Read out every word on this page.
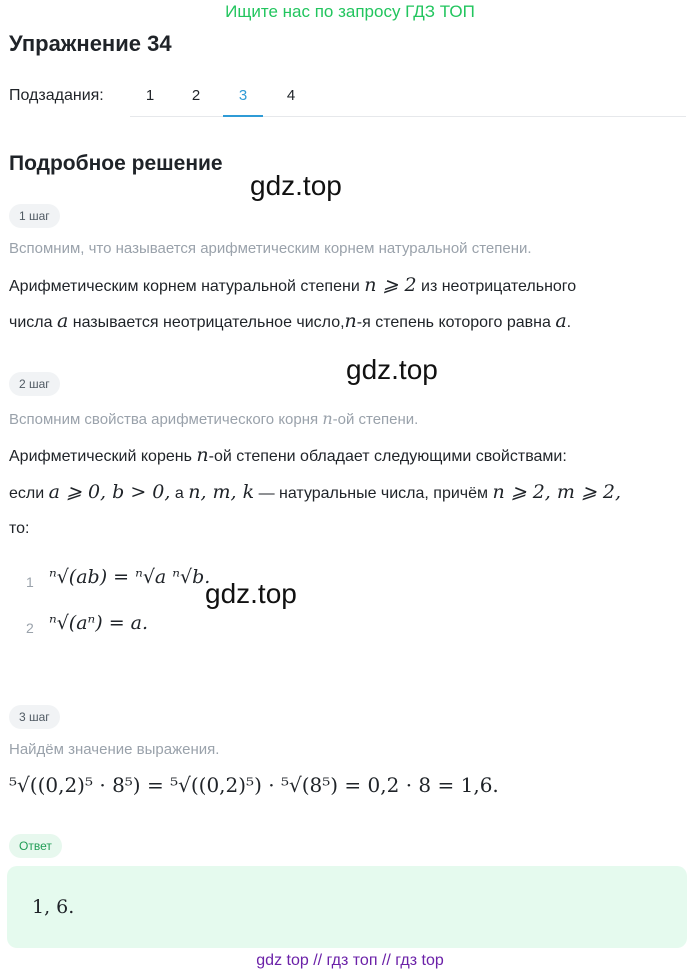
Ищите нас по запросу ГДЗ ТОП
Упражнение 34
Подзадания:	1	2	3	4
Подробное решение
gdz.top
gdz.top
gdz.top
1 шаг
Вспомним, что называется арифметическим корнем натуральной степени.
Арифметическим корнем натуральной степени n ⩾ 2 из неотрицательного
числа a называется неотрицательное число,n-я степень которого равна a.
2 шаг
Вспомним свойства арифметического корня n-ой степени.
Арифметический корень n-ой степени обладает следующими свойствами:
если a ⩾ 0, b > 0, а n, m, k — натуральные числа, причём n ⩾ 2, m ⩾ 2,
то:
1 ⁿ√(ab) = ⁿ√a ⁿ√b.
2 ⁿ√(aⁿ) = a.
3 шаг
Найдём значение выражения.
⁵√((0,2)⁵ · 8⁵) = ⁵√((0,2)⁵) · ⁵√(8⁵) = 0,2 · 8 = 1,6.
Ответ
1, 6.
gdz top // гдз топ // гдз top
